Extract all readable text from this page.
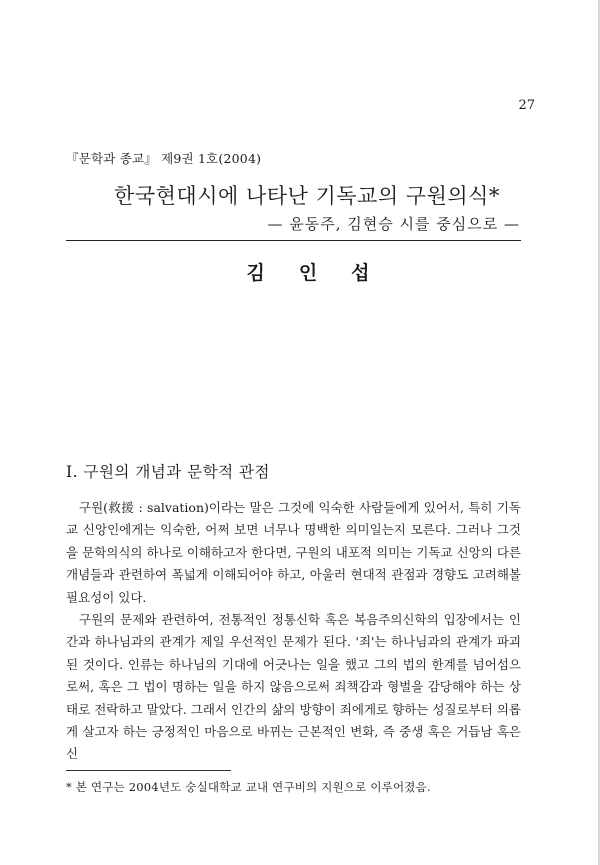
27
『문학과 종교』 제9권 1호(2004)
한국현대시에 나타난 기독교의 구원의식*
— 윤동주, 김현승 시를 중심으로 —
김 인 섭
Ⅰ. 구원의 개념과 문학적 관점

구원(救援 : salvation)이라는 말은 그것에 익숙한 사람들에게 있어서, 특히 기독교 신앙인에게는 익숙한, 어쩌 보면 너무나 명백한 의미일는지 모른다. 그러나 그것을 문학의식의 하나로 이해하고자 한다면, 구원의 내포적 의미는 기독교 신앙의 다른 개념들과 관련하여 폭넓게 이해되어야 하고, 아울러 현대적 관점과 경향도 고려해볼 필요성이 있다.

구원의 문제와 관련하여, 전통적인 정통신학 혹은 복음주의신학의 입장에서는 인간과 하나님과의 관계가 제일 우선적인 문제가 된다. '죄'는 하나님과의 관계가 파괴된 것이다. 인류는 하나님의 기대에 어긋나는 일을 했고 그의 법의 한계를 넘어섬으로써, 혹은 그 법이 명하는 일을 하지 않음으로써 죄책감과 형벌을 감당해야 하는 상태로 전락하고 말았다. 그래서 인간의 삶의 방향이 죄에게로 향하는 성질로부터 의롭게 살고자 하는 긍정적인 마음으로 바뀌는 근본적인 변화, 즉 중생 혹은 거듭남 혹은 신

* 본 연구는 2004년도 숭실대학교 교내 연구비의 지원으로 이루어졌음.
